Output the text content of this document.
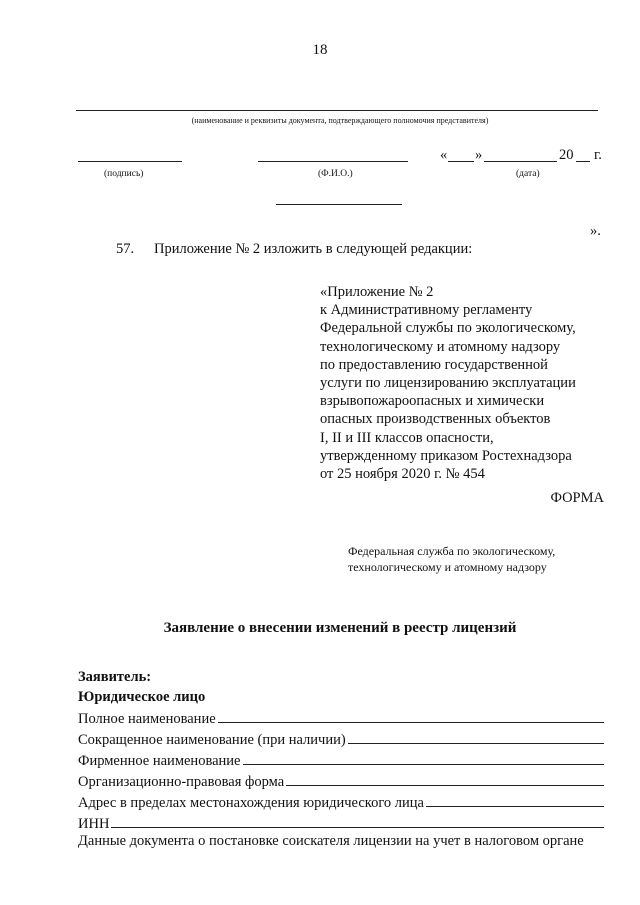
18
(наименование и реквизиты документа, подтверждающего полномочия представителя)
« »	20 г.
(подпись)	(Ф.И.О.)	(дата)
».
57. Приложение № 2 изложить в следующей редакции:
«Приложение № 2
к Административному регламенту
Федеральной службы по экологическому,
технологическому и атомному надзору
по предоставлению государственной
услуги по лицензированию эксплуатации
взрывопожароопасных и химически
опасных производственных объектов
I, II и III классов опасности,
утвержденному приказом Ростехнадзора
от 25 ноября 2020 г. № 454
ФОРМА
Федеральная служба по экологическому,
технологическому и атомному надзору
Заявление о внесении изменений в реестр лицензий
Заявитель:
Юридическое лицо
Полное наименование
Сокращенное наименование (при наличии)
Фирменное наименование
Организационно-правовая форма
Адрес в пределах местонахождения юридического лица
ИНН
Данные документа о постановке соискателя лицензии на учет в налоговом органе
